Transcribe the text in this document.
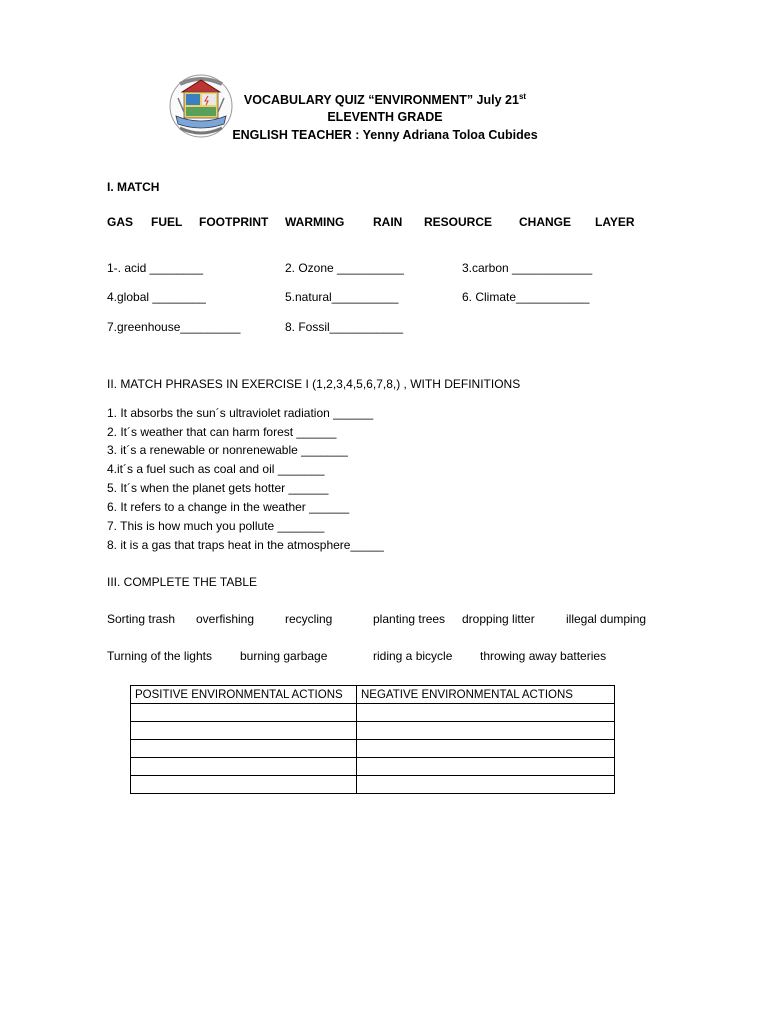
VOCABULARY QUIZ “ENVIRONMENT” July 21st
ELEVENTH GRADE
ENGLISH TEACHER : Yenny Adriana Toloa Cubides
I. MATCH
GAS FUEL FOOTPRINT WARMING RAIN RESOURCE CHANGE LAYER
1-. acid ________	2. Ozone __________	3.carbon ____________
4.global ________	5.natural__________	6. Climate___________
7.greenhouse_________	8. Fossil___________
II. MATCH PHRASES IN EXERCISE I (1,2,3,4,5,6,7,8,) , WITH DEFINITIONS
1. It absorbs the sun´s ultraviolet radiation ______
2. It´s weather that can harm forest ______
3. it´s a renewable or nonrenewable _______
4.it´s a fuel such as coal and oil _______
5. It´s when the planet gets hotter ______
6. It refers to a change in the weather ______
7. This is how much you pollute _______
8. it is a gas that traps heat in the atmosphere_____
III. COMPLETE THE TABLE
Sorting trash overfishing	recycling	planting trees dropping litter	illegal dumping
Turning of the lights burning garbage	riding a bicycle throwing away batteries
POSITIVE ENVIRONMENTAL ACTIONS	NEGATIVE ENVIRONMENTAL ACTIONS
